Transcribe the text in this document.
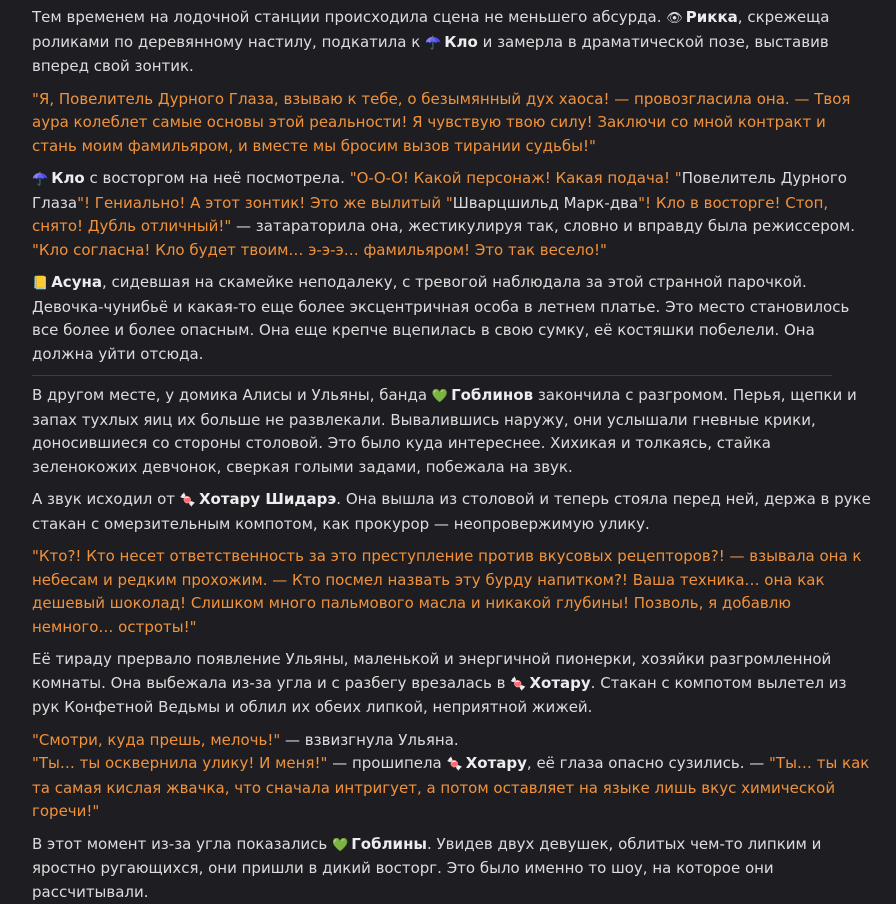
Тем временем на лодочной станции происходила сцена не меньшего абсурда. 👁 Рикка, скрежеща роликами по деревянному настилу, подкатила к ☂️ Кло и замерла в драматической позе, выставив вперед свой зонтик.

"Я, Повелитель Дурного Глаза, взываю к тебе, о безымянный дух хаоса! — провозгласила она. — Твоя аура колеблет самые основы этой реальности! Я чувствую твою силу! Заключи со мной контракт и стань моим фамильяром, и вместе мы бросим вызов тирании судьбы!"

☂️ Кло с восторгом на неё посмотрела. "О-О-О! Какой персонаж! Какая подача! "Повелитель Дурного Глаза"! Гениально! А этот зонтик! Это же вылитый "Шварцшильд Марк-два"! Кло в восторге! Стоп, снято! Дубль отличный!" — затараторила она, жестикулируя так, словно и вправду была режиссером. "Кло согласна! Кло будет твоим… э-э-э… фамильяром! Это так весело!"

📒 Асуна, сидевшая на скамейке неподалеку, с тревогой наблюдала за этой странной парочкой. Девочка-чунибьё и какая-то еще более эксцентричная особа в летнем платье. Это место становилось все более и более опасным. Она еще крепче вцепилась в свою сумку, её костяшки побелели. Она должна уйти отсюда.

В другом месте, у домика Алисы и Ульяны, банда 💚 Гоблинов закончила с разгромом. Перья, щепки и запах тухлых яиц их больше не развлекали. Вывалившись наружу, они услышали гневные крики, доносившиеся со стороны столовой. Это было куда интереснее. Хихикая и толкаясь, стайка зеленокожих девчонок, сверкая голыми задами, побежала на звук.

А звук исходил от 🍬 Хотару Шидарэ. Она вышла из столовой и теперь стояла перед ней, держа в руке стакан с омерзительным компотом, как прокурор — неопровержимую улику.

"Кто?! Кто несет ответственность за это преступление против вкусовых рецепторов?! — взывала она к небесам и редким прохожим. — Кто посмел назвать эту бурду напитком?! Ваша техника… она как дешевый шоколад! Слишком много пальмового масла и никакой глубины! Позволь, я добавлю немного… остроты!"

Её тираду прервало появление Ульяны, маленькой и энергичной пионерки, хозяйки разгромленной комнаты. Она выбежала из-за угла и с разбегу врезалась в 🍬 Хотару. Стакан с компотом вылетел из рук Конфетной Ведьмы и облил их обеих липкой, неприятной жижей.

"Смотри, куда прешь, мелочь!" — взвизгнула Ульяна.
"Ты… ты осквернила улику! И меня!" — прошипела 🍬 Хотару, её глаза опасно сузились. — "Ты… ты как та самая кислая жвачка, что сначала интригует, а потом оставляет на языке лишь вкус химической горечи!"

В этот момент из-за угла показались 💚 Гоблины. Увидев двух девушек, облитых чем-то липким и яростно ругающихся, они пришли в дикий восторг. Это было именно то шоу, на которое они рассчитывали.
